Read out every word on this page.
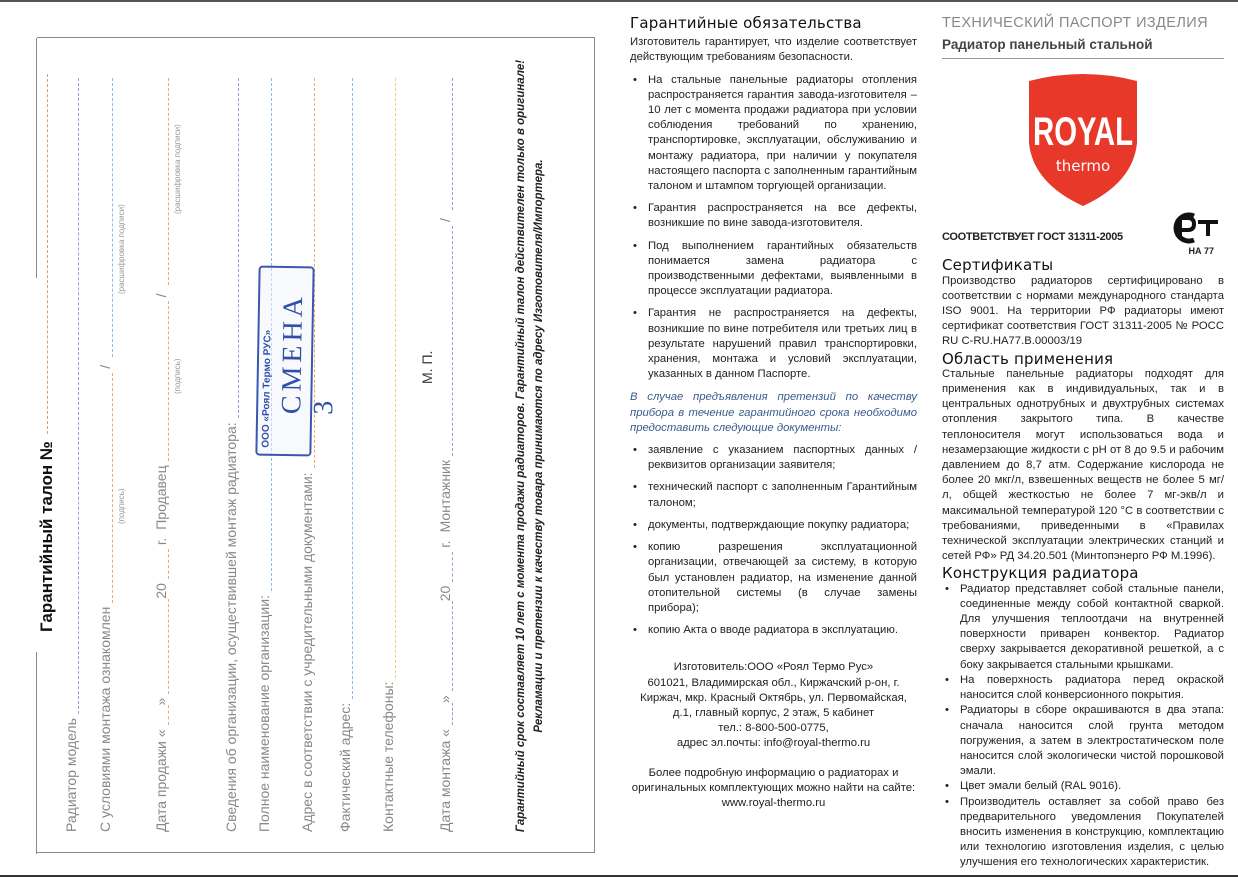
Гарантийный талон №
Радиатор модель С условиями монтажа ознакомлен
/
(подпись)
(расшифровка подписи)
Дата продажи «
»
20
г.
Продавец
/
(подпись)
(расшифровка подписи)
Сведения об организации, осуществившей монтаж радиатора: Полное наименование организации: Адрес в соответствии с учредительными документами: Фактический адрес: Контактные телефоны:	Дата монтажа «
»
20
г.
Монтажник
/
М. П.
ООО «Роял Термо РУС» СМЕНА 3	Гарантийный срок составляет 10 лет с момента продажи радиаторов. Гарантийный талон действителен только в оригинале! Рекламации и претензии к качеству товара принимаются по адресу Изготовителя/Импортера.
Гарантийные обязательства

Изготовитель гарантирует, что изделие соответствует действующим требованиям безопасности.

• На стальные панельные радиаторы отопления распространяется гарантия завода-изготовителя – 10 лет с момента продажи радиатора при условии соблюдения требований по хранению, транспортировке, эксплуатации, обслуживанию и монтажу радиатора, при наличии у покупателя настоящего паспорта с заполненным гарантийным талоном и штампом торгующей организации.
• Гарантия распространяется на все дефекты, возникшие по вине завода-изготовителя.
• Под выполнением гарантийных обязательств понимается замена радиатора с производственными дефектами, выявленными в процессе эксплуатации радиатора.
• Гарантия не распространяется на дефекты, возникшие по вине потребителя или третьих лиц в результате нарушений правил транспортировки, хранения, монтажа и условий эксплуатации, указанных в данном Паспорте.

В случае предъявления претензий по качеству прибора в течение гарантийного срока необходимо предоставить следующие документы:

• заявление с указанием паспортных данных / реквизитов организации заявителя;
• технический паспорт с заполненным Гарантийным талоном;
• документы, подтверждающие покупку радиатора;
• копию разрешения эксплуатационной организации, отвечающей за систему, в которую был установлен радиатор, на изменение данной отопительной системы (в случае замены прибора);
• копию Акта о вводе радиатора в эксплуатацию.
Изготовитель:ООО «Роял Термо Рус»
601021, Владимирская обл., Киржачский р-он, г. Киржач, мкр. Красный Октябрь, ул. Первомайская, д.1, главный корпус, 2 этаж, 5 кабинет
тел.: 8-800-500-0775,
адрес эл.почты: info@royal-thermo.ru

Более подробную информацию о радиаторах и оригинальных комплектующих можно найти на сайте: www.royal-thermo.ru

ТЕХНИЧЕСКИЙ ПАСПОРТ ИЗДЕЛИЯ
Радиатор панельный стальной
ROYAL
thermo
СООТВЕТСТВУЕТ ГОСТ 31311-2005
НА 77
Сертификаты

Производство радиаторов сертифицировано в соответствии с нормами международного стандарта ISO 9001. На территории РФ радиаторы имеют сертификат соответствия ГОСТ 31311-2005 № РОСС RU C-RU.HA77.B.00003/19

Область применения

Стальные панельные радиаторы подходят для применения как в индивидуальных, так и в центральных однотрубных и двухтрубных системах отопления закрытого типа. В качестве теплоносителя могут использоваться вода и незамерзающие жидкости с pH от 8 до 9.5 и рабочим давлением до 8,7 атм. Содержание кислорода не более 20 мкг/л, взвешенных веществ не более 5 мг/л, общей жесткостью не более 7 мг-экв/л и максимальной температурой 120 °С в соответствии с требованиями, приведенными в «Правилах технической эксплуатации электрических станций и сетей РФ» РД 34.20.501 (Минтопэнерго РФ М.1996).

Конструкция радиатора
• Радиатор представляет собой стальные панели, соединенные между собой контактной сваркой. Для улучшения теплоотдачи на внутренней поверхности приварен конвектор. Радиатор сверху закрывается декоративной решеткой, а с боку закрывается стальными крышками.
• На поверхность радиатора перед окраской наносится слой конверсионного покрытия.
• Радиаторы в сборе окрашиваются в два этапа: сначала наносится слой грунта методом погружения, а затем в электростатическом поле наносится слой экологически чистой порошковой эмали.
• Цвет эмали белый (RAL 9016).
• Производитель оставляет за собой право без предварительного уведомления Покупателей вносить изменения в конструкцию, комплектацию или технологию изготовления изделия, с целью улучшения его технологических характеристик.
